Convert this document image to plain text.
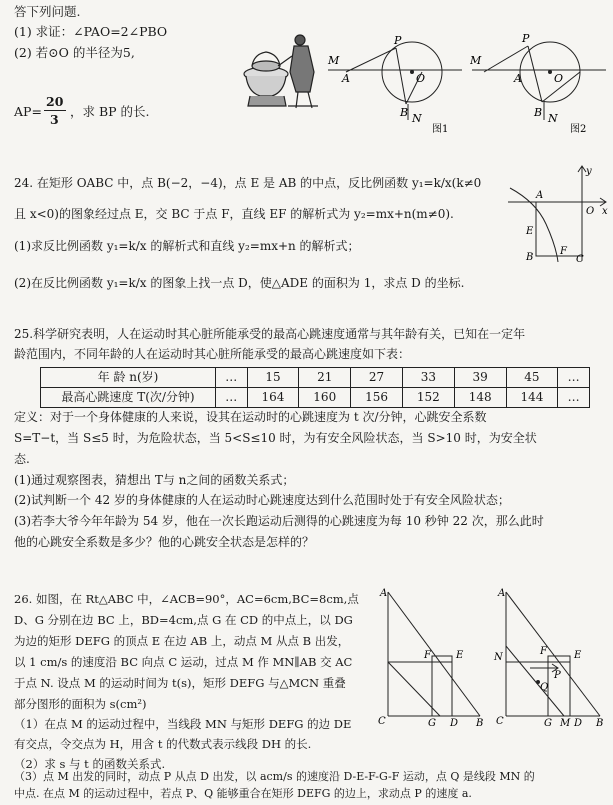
答下列问题.
(1) 求证：∠PAO=2∠PBO
(2) 若⊙O 的半径为5,
AP=
20
3
，求 BP 的长.
M
A
P
O
B N
图1
M
A
P
O
B N
图2
24. 在矩形 OABC 中，点 B(−2，−4)，点 E 是 AB 的中点，反比例函数 y₁=k/x(k≠0
且 x<0)的图象经过点 E，交 BC 于点 F，直线 EF 的解析式为 y₂=mx+n(m≠0).
(1)求反比例函数 y₁=k/x 的解析式和直线 y₂=mx+n 的解析式；
(2)在反比例函数 y₁=k/x 的图象上找一点 D，使△ADE 的面积为 1，求点 D 的坐标.
y
A
O x
E
B
F
C
25.科学研究表明，人在运动时其心脏所能承受的最高心跳速度通常与其年龄有关，已知在一定年
龄范围内，不同年龄的人在运动时其心脏所能承受的最高心跳速度如下表：
年 龄 n(岁)	…	15	21	27	33	39	45	…
最高心跳速度 T(次/分钟)	…	164	160	156	152	148	144	…
定义：对于一个身体健康的人来说，设其在运动时的心跳速度为 t 次/分钟，心跳安全系数
S=T−t，当 S≤5 时，为危险状态，当 5<S≤10 时，为有安全风险状态，当 S>10 时，为安全状
态.
(1)通过观察图表，猜想出 T与 n之间的函数关系式；
(2)试判断一个 42 岁的身体健康的人在运动时心跳速度达到什么范围时处于有安全风险状态；
(3)若李大爷今年年龄为 54 岁，他在一次长跑运动后测得的心跳速度为每 10 秒钟 22 次，那么此时
他的心跳安全系数是多少？他的心跳安全状态是怎样的？
26. 如图，在 Rt△ABC 中，∠ACB=90°，AC=6cm,BC=8cm,点
D、G 分别在边 BC 上，BD=4cm,点 G 在 CD 的中点上，以 DG
为边的矩形 DEFG 的顶点 E 在边 AB 上，动点 M 从点 B 出发，
以 1 cm/s 的速度沿 BC 向点 C 运动，过点 M 作 MN∥AB 交 AC
于点 N. 设点 M 的运动时间为 t(s)，矩形 DEFG 与△MCN 重叠
部分图形的面积为 s(cm²)
（1）在点 M 的运动过程中，当线段 MN 与矩形 DEFG 的边 DE
有交点，令交点为 H，用含 t 的代数式表示线段 DH 的长.
（2）求 s 与 t 的函数关系式.
（3）点 M 出发的同时，动点 P 从点 D 出发，以 acm/s 的速度沿 D-E-F-G-F 运动，点 Q 是线段 MN 的
中点. 在点 M 的运动过程中，若点 P、Q 能够重合在矩形 DEFG 的边上，求动点 P 的速度 a.
A
F	E
C	G D B
A
F	E
N
P
Q
C	G M D B
